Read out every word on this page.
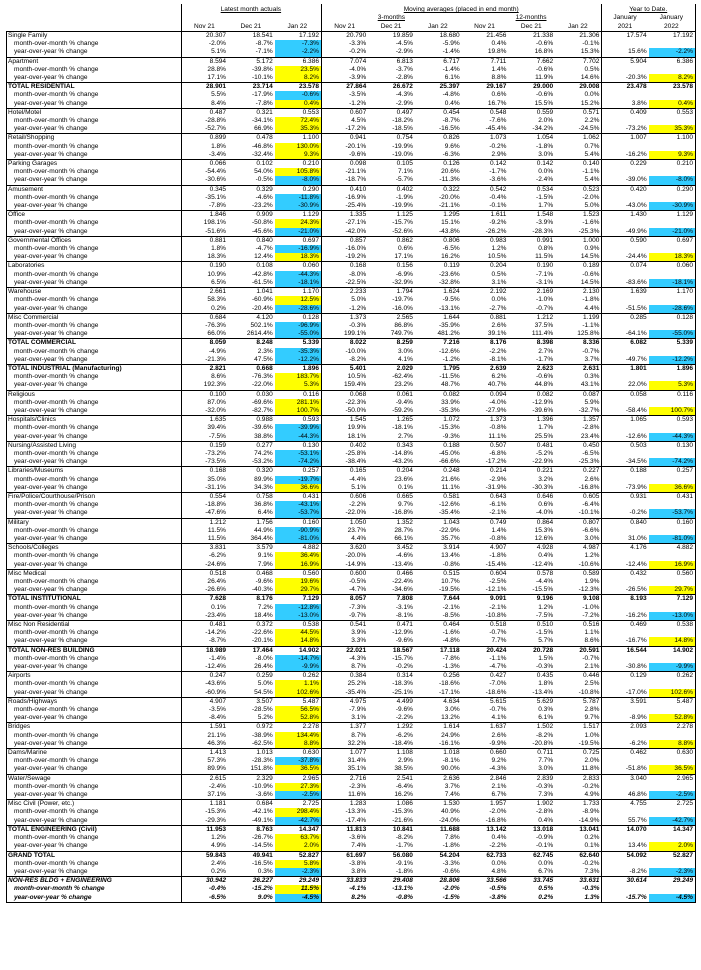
	Latest month actuals			Moving averages (placed in end month)						Year to Date.	
				3-months			12-months			January	January
	Nov 21	Dec 21	Jan 22	Nov 21	Dec 21	Jan 22	Nov 21	Dec 21	Jan 22	2021	2022
Single Family	20.307	18.541	17.192	20.790	19.859	18.680	21.456	21.338	21.306	17.574	17.192
month-over-month % change	-2.0%	-8.7%	-7.3%	-3.3%	-4.5%	-5.9%	0.4%	-0.6%	-0.1%		
year-over-year % change	5.1%	-7.1%	-2.2%	-0.2%	-2.9%	-1.4%	19.8%	16.8%	15.3%	15.6%	-2.2%
Apartment	8.594	5.172	6.386	7.074	6.813	6.717	7.711	7.662	7.702	5.904	6.386
month-over-month % change	28.8%	-39.8%	23.5%	-4.0%	-3.7%	-1.4%	1.4%	-0.6%	0.5%		
year-over-year % change	17.1%	-10.1%	8.2%	-3.9%	-2.8%	6.1%	8.8%	11.9%	14.6%	-20.3%	8.2%
TOTAL RESIDENTIAL	28.901	23.714	23.578	27.864	26.672	25.397	29.167	29.000	29.008	23.478	23.578
month-over-month % change	5.5%	-17.9%	-0.6%	-3.5%	-4.3%	-4.8%	0.6%	-0.6%	0.0%		
year-over-year % change	8.4%	-7.8%	0.4%	-1.2%	-2.9%	0.4%	16.7%	15.5%	15.2%	3.8%	0.4%
Hotel/Motel	0.487	0.321	0.553	0.607	0.497	0.454	0.548	0.559	0.571	0.409	0.553
month-over-month % change	-28.8%	-34.1%	72.4%	4.5%	-18.2%	-8.7%	-7.6%	2.0%	2.2%		
year-over-year % change	-52.7%	66.9%	35.3%	-17.2%	-18.5%	-16.5%	-45.4%	-34.2%	-24.5%	-73.2%	35.3%
Retail/Shopping	0.899	0.478	1.100	0.941	0.754	0.826	1.073	1.054	1.062	1.007	1.100
month-over-month % change	1.8%	-46.8%	130.0%	-20.1%	-19.9%	9.6%	-0.2%	-1.8%	0.7%		
year-over-year % change	-3.4%	-32.4%	9.3%	-9.6%	-19.0%	-6.3%	2.9%	3.0%	5.4%	-16.2%	9.3%
Parking Garages	0.066	0.102	0.210	0.098	0.105	0.126	0.142	0.142	0.140	0.229	0.210
month-over-month % change	-54.4%	54.0%	105.8%	-21.1%	7.1%	20.6%	-1.7%	0.0%	-1.1%		
year-over-year % change	-30.6%	-0.5%	-8.0%	-18.7%	-5.7%	-11.3%	-3.6%	-2.4%	5.4%	-39.0%	-8.0%
Amusement	0.345	0.329	0.290	0.410	0.402	0.322	0.542	0.534	0.523	0.420	0.290
month-over-month % change	-35.1%	-4.6%	-11.8%	-16.9%	-1.9%	-20.0%	-0.4%	-1.5%	-2.0%		
year-over-year % change	-7.8%	-23.2%	-30.9%	-25.4%	-19.9%	-21.1%	-0.1%	1.7%	5.0%	-43.0%	-30.9%
Office	1.846	0.909	1.129	1.335	1.125	1.295	1.611	1.548	1.523	1.430	1.129
month-over-month % change	198.1%	-50.8%	24.3%	-27.1%	-15.7%	15.1%	-9.2%	-3.9%	-1.6%		
year-over-year % change	-51.6%	-45.6%	-21.0%	-42.0%	-52.6%	-43.8%	-26.2%	-28.3%	-25.3%	-49.9%	-21.0%
Governmental Offices	0.881	0.840	0.697	0.857	0.862	0.806	0.983	0.991	1.000	0.590	0.697
month-over-month % change	1.8%	-4.7%	-16.9%	-16.0%	0.6%	-6.5%	1.2%	0.8%	0.9%		
year-over-year % change	18.3%	12.4%	18.3%	-19.2%	17.1%	16.2%	10.5%	11.5%	14.5%	-24.4%	18.3%
Laboratories	0.190	0.108	0.060	0.168	0.156	0.119	0.204	0.190	0.189	0.074	0.060
month-over-month % change	10.9%	-42.8%	-44.3%	-8.0%	-6.9%	-23.6%	0.5%	-7.1%	-0.6%		
year-over-year % change	6.5%	-61.5%	-18.1%	-22.5%	-32.9%	-32.8%	3.1%	-3.1%	14.5%	-83.6%	-18.1%
Warehouse	2.661	1.041	1.170	2.233	1.794	1.624	2.192	2.169	2.130	1.639	1.170
month-over-month % change	58.3%	-60.9%	12.5%	5.0%	-19.7%	-9.5%	0.0%	-1.0%	-1.8%		
year-over-year % change	0.2%	-20.4%	-28.6%	-1.2%	-16.0%	-13.1%	-2.7%	-0.7%	4.4%	-51.5%	-28.6%
Misc Commercial	0.684	4.120	0.128	1.373	2.565	1.644	0.881	1.212	1.199	0.285	0.128
month-over-month % change	-76.3%	502.1%	-96.9%	-0.3%	86.8%	-35.9%	2.6%	37.5%	-1.1%		
year-over-year % change	66.0%	2614.4%	-55.0%	199.1%	749.7%	481.2%	39.1%	111.4%	125.8%	-64.1%	-55.0%
TOTAL COMMERCIAL	8.059	8.248	5.339	8.022	8.259	7.216	8.176	8.398	8.336	6.082	5.339
month-over-month % change	-4.9%	2.3%	-35.3%	-10.0%	3.0%	-12.6%	-2.2%	2.7%	-0.7%		
year-over-year % change	-21.3%	47.5%	-12.2%	-8.2%	4.1%	-1.2%	-8.1%	-1.7%	3.7%	-49.7%	-12.2%
TOTAL INDUSTRIAL (Manufacturing)	2.821	0.668	1.896	5.401	2.029	1.795	2.639	2.623	2.631	1.801	1.896
month-over-month % change	8.6%	-76.3%	183.7%	10.5%	-62.4%	-11.5%	6.2%	-0.6%	0.3%		
year-over-year % change	192.3%	-22.0%	5.3%	159.4%	23.2%	48.7%	40.7%	44.8%	43.1%	22.0%	5.3%
Religious	0.100	0.030	0.116	0.068	0.061	0.082	0.094	0.082	0.087	0.058	0.116
month-over-month % change	87.0%	-69.6%	281.1%	-22.3%	-9.4%	33.9%	-4.0%	-12.9%	5.9%		
year-over-year % change	-32.0%	-82.7%	100.7%	-50.0%	-59.2%	-35.3%	-27.9%	-39.6%	-32.7%	-58.4%	100.7%
Hospitals/Clinics	1.635	0.988	0.593	1.545	1.265	1.072	1.373	1.396	1.357	1.065	0.593
month-over-month % change	39.4%	-39.6%	-39.9%	19.9%	-18.1%	-15.3%	-0.8%	1.7%	-2.8%		
year-over-year % change	-7.5%	38.8%	-44.3%	18.1%	2.7%	-9.3%	11.1%	25.5%	23.4%	-12.6%	-44.3%
Nursing/Assisted Living	0.159	0.277	0.130	0.402	0.343	0.188	0.507	0.481	0.450	0.503	0.130
month-over-month % change	-73.2%	74.2%	-53.1%	-25.8%	-14.8%	-45.0%	-6.8%	-5.2%	-6.5%		
year-over-year % change	-73.5%	-53.2%	-74.2%	-38.4%	-43.2%	-66.6%	-17.2%	-22.9%	-25.3%	-34.5%	-74.2%
Libraries/Museums	0.168	0.320	0.257	0.165	0.204	0.248	0.214	0.221	0.227	0.188	0.257
month-over-month % change	35.0%	89.9%	-19.7%	-4.4%	23.6%	21.6%	-2.9%	3.2%	2.6%		
year-over-year % change	-31.1%	34.3%	36.6%	5.1%	0.1%	11.1%	-31.9%	-30.3%	-16.8%	-73.9%	36.6%
Fire/Police/Courthouse/Prison	0.554	0.758	0.431	0.606	0.665	0.581	0.643	0.646	0.605	0.931	0.431
month-over-month % change	-18.8%	36.8%	-43.1%	-2.2%	9.7%	-12.6%	-6.1%	0.6%	-6.4%		
year-over-year % change	-47.6%	6.4%	-53.7%	-22.0%	-16.8%	-35.4%	-2.1%	-4.0%	-10.1%	-0.2%	-53.7%
Military	1.212	1.756	0.160	1.050	1.352	1.043	0.749	0.864	0.807	0.840	0.160
month-over-month % change	11.5%	44.9%	-90.9%	23.7%	28.7%	-22.9%	1.4%	15.3%	-6.6%		
year-over-year % change	11.5%	364.4%	-81.0%	4.4%	66.1%	35.7%	-0.8%	12.6%	3.0%	31.0%	-81.0%
Schools/Colleges	3.831	3.579	4.882	3.620	3.452	3.914	4.907	4.928	4.987	4.176	4.882
month-over-month % change	-6.2%	9.1%	36.4%	-20.0%	-4.6%	13.4%	-1.8%	0.4%	1.2%		
year-over-year % change	-24.6%	7.9%	16.9%	-14.9%	-13.4%	-0.8%	-15.4%	-12.4%	-10.6%	-12.4%	16.9%
Misc Medical	0.518	0.468	0.560	0.600	0.466	0.515	0.604	0.578	0.589	0.432	0.560
month-over-month % change	26.4%	-9.6%	19.6%	-0.5%	-22.4%	10.7%	-2.5%	-4.4%	1.9%		
year-over-year % change	-26.6%	-40.3%	29.7%	-4.7%	-34.6%	-19.5%	-12.1%	-15.5%	-12.3%	-26.5%	29.7%
TOTAL INSTITUTIONAL	7.628	8.176	7.129	8.057	7.808	7.644	9.091	9.196	9.108	8.193	7.129
month-over-month % change	0.1%	7.2%	-12.8%	-7.3%	-3.1%	-2.1%	-2.1%	1.2%	-1.0%		
year-over-year % change	-23.4%	18.4%	-13.0%	-9.7%	-8.1%	-8.5%	-10.8%	-7.5%	-7.2%	-16.2%	-13.0%
Misc Non Residential	0.481	0.372	0.538	0.541	0.471	0.464	0.518	0.510	0.516	0.469	0.538
month-over-month % change	-14.2%	-22.6%	44.5%	3.9%	-12.9%	-1.6%	-0.7%	-1.5%	1.1%		
year-over-year % change	-8.7%	-20.1%	14.8%	3.3%	-9.6%	-4.8%	7.7%	5.7%	8.6%	-16.7%	14.8%
TOTAL NON-RES BUILDING	18.989	17.464	14.902	22.021	18.567	17.118	20.424	20.728	20.591	16.544	14.902
month-over-month % change	-1.4%	-8.0%	-14.7%	-4.3%	-15.7%	-7.8%	-1.1%	1.5%	-0.7%		
year-over-year % change	-12.4%	26.4%	-9.9%	8.7%	-0.2%	-1.3%	-4.7%	-0.3%	2.1%	-30.8%	-9.9%
Airports	0.247	0.259	0.262	0.384	0.314	0.256	0.427	0.435	0.446	0.129	0.262
month-over-month % change	-43.6%	5.0%	1.1%	25.2%	-18.3%	-18.6%	-7.0%	1.8%	2.5%		
year-over-year % change	-60.9%	54.5%	102.6%	-35.4%	-25.1%	-17.1%	-18.6%	-13.4%	-10.8%	-17.0%	102.6%
Roads/Highways	4.907	3.507	5.487	4.975	4.499	4.634	5.615	5.629	5.787	3.591	5.487
month-over-month % change	-3.5%	-28.5%	56.5%	-7.9%	-9.6%	3.0%	-0.7%	0.3%	2.8%		
year-over-year % change	-8.4%	5.2%	52.8%	3.1%	-2.2%	13.2%	4.1%	6.1%	9.7%	-8.9%	52.8%
Bridges	1.591	0.972	2.278	1.377	1.292	1.614	1.637	1.502	1.517	2.093	2.278
month-over-month % change	21.1%	-38.9%	134.4%	8.7%	-6.2%	24.9%	2.6%	-8.2%	1.0%		
year-over-year % change	46.3%	-62.5%	8.8%	32.2%	-18.4%	-16.1%	-9.9%	-20.8%	-19.5%	-6.2%	8.8%
Dams/Marine	1.413	1.013	0.630	1.077	1.108	1.018	0.660	0.711	0.725	0.462	0.630
month-over-month % change	57.3%	-28.3%	-37.8%	31.4%	2.9%	-8.1%	9.2%	7.7%	2.0%		
year-over-year % change	89.9%	151.8%	36.5%	35.1%	38.5%	90.0%	-4.3%	3.0%	11.8%	-51.8%	36.5%
Water/Sewage	2.615	2.329	2.965	2.716	2.541	2.636	2.846	2.839	2.833	3.040	2.965
month-over-month % change	-2.4%	-10.9%	27.3%	-2.3%	-6.4%	3.7%	2.1%	-0.3%	-0.2%		
year-over-year % change	37.1%	-3.6%	-2.5%	11.6%	16.2%	7.4%	6.7%	7.3%	4.9%	46.8%	-2.5%
Misc Civil (Power, etc.)	1.181	0.684	2.725	1.283	1.086	1.530	1.957	1.902	1.733	4.755	2.725
month-over-month % change	-15.3%	-42.1%	298.4%	-13.3%	-15.3%	40.9%	-2.0%	-2.8%	-8.9%		
year-over-year % change	-29.3%	-49.1%	-42.7%	-17.4%	-21.6%	-24.0%	-16.8%	0.4%	-14.9%	55.7%	-42.7%
TOTAL ENGINEERING (Civil)	11.953	8.763	14.347	11.813	10.841	11.688	13.142	13.018	13.041	14.070	14.347
month-over-month % change	1.2%	-26.7%	63.7%	-3.6%	-8.2%	7.8%	0.4%	-0.9%	0.2%		
year-over-year % change	4.9%	-14.5%	2.0%	7.4%	-1.7%	-1.8%	-2.2%	-0.1%	0.1%	13.4%	2.0%
GRAND TOTAL	59.843	49.941	52.827	61.697	56.080	54.204	62.733	62.745	62.640	54.092	52.827
month-over-month % change	2.4%	-16.5%	5.8%	-3.8%	-9.1%	-3.3%	0.0%	0.0%	-0.2%		
year-over-year % change	0.2%	0.3%	-2.3%	3.8%	-1.8%	-0.6%	4.8%	6.7%	7.3%	-8.2%	-2.3%
NON-RES BLDG + ENGINEERING	30.942	26.227	29.249	33.833	29.408	28.806	33.566	33.745	33.631	30.614	29.249
month-over-month % change	-0.4%	-15.2%	11.5%	-4.1%	-13.1%	-2.0%	-0.5%	0.5%	-0.3%		
year-over-year % change	-6.5%	9.0%	-4.5%	8.2%	-0.8%	-1.5%	-3.8%	0.2%	1.3%	-15.7%	-4.5%
